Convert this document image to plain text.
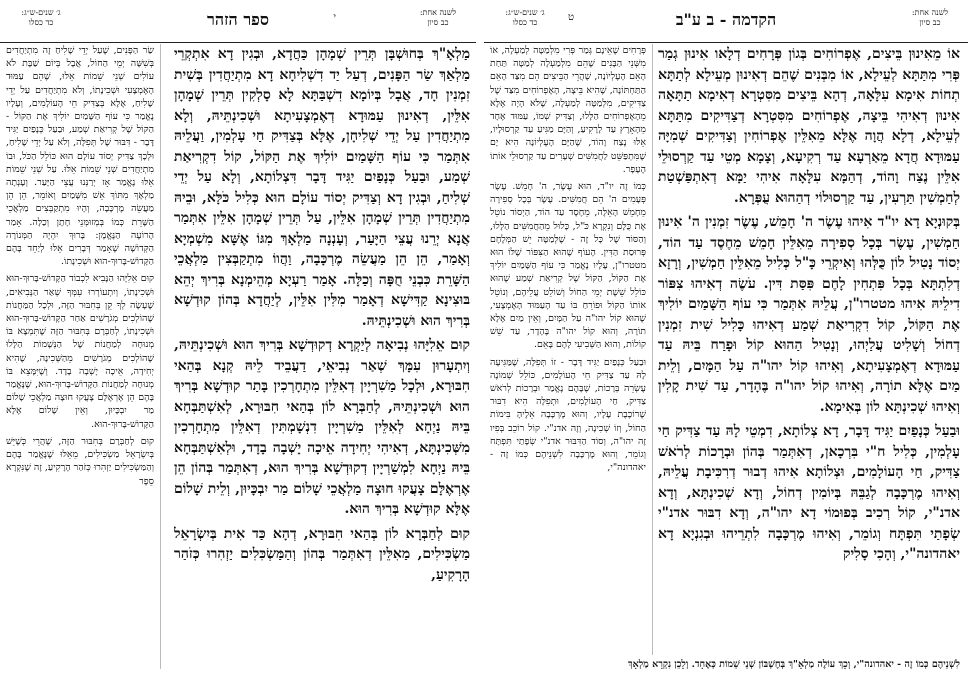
לשנה אחת:
כב סיון
י
ספר הזהר
ג׳ שנים-ש״ג:
כד כסלו

מַלְאָ"ךְ בְּחוּשְׁבָּן תְּרֵין שְׁמָהָן כַּחֲדָא, וּבְגִין דָא אִתְקְרֵי מַלְאַךְ שַׂר הַפָּנִים, דְעַל יַד דִשְׁלִיחָא דָא מִתְיַחֲדִין בְּשִׁית זִמְנִין חָד, אֲבָל בְּיוֹמָא דִשְׁבַּתָּא לָא סָלְקִין תְּרֵין שְׁמָהָן אִלֵּין, דְאִינוּן עַמּוּדָא דְאֶמְצָעִיתָא וּשְׁכִינְתֵּיהּ, וְלָא מִתְיַחֲדִין עַל יְדֵי שְׁלִיחָן, אֶלָּא בְּצַדִּיק חַי עָלְמִין, וַעֲלֵיהּ אִתְּמַר כִּי עוֹף הַשָּׁמַיִם יוֹלִיךְ אֶת הַקּוֹל, קוֹל דִקְרִיאַת שְׁמַע, וּבַעַל כְּנָפַיִם יַגִּיד דָּבָר דִּצְלוֹתָא, וְלָא עַל יְדֵי שְׁלִיחַ, וּבְגִין דָא וְצַדִּיק יְסוֹד עוֹלָם הוּא כְּלִיל כֹּלָּא, וּבֵיהּ מִתְיַחֲדִין תְּרֵין שְׁמָהָן אִלֵּין, עַל תְּרֵין שְׁמָהָן אִלֵּין אִתְּמַר אֲנָא יְרֵנוּ עֲצֵי הַיָּעַר, וְעָנְנָה מַלְאָךְ מִגּוֹ אֶשָּׁא מִשְׁמְיָא וְאָמַר, הֵן הֵן מַעֲשֵׂה מֶרְכָּבָה, וַהֲווֹ מִתְקַבְּצִין מַלְאֲכֵי הַשָּׁרֵת כִּבְנֵי חֻפָּה וְכַלָּה. אָמַר רַעְיָא מְהֵימְנָא בְּרִיךְ יְהֵא בּוּצִינָא קַדִּישָׁא דְאָמַר מִלִּין אִלֵּין, לְיַחֲדָא בְּהוֹן קוּדְשָׁא בְּרִיךְ הוּא וּשְׁכִינְתֵּיהּ.

קוּם אֵלִיָּהוּ נְבִיאָה לְיַקְרָא דְקוּדְשָׁא בְּרִיךְ הוּא וּשְׁכִינְתֵּיהּ, וְיִתְעָרוּן עִמָּךְ שְׁאַר נְבִיאֵי, דַעֲבֵיד לֵיהּ קְנָא בְּהַאי חִבּוּרָא, וּלְכָל מַשִׁרְיָין דְאִלֵּין מִתְחָרְכִין בָּתַר קוּדְשָׁא בְּרִיךְ הוּא וּשְׁכִינְתֵּיהּ, לְחַבְּרָא לוֹן בְּהַאי חִבּוּרָא, לְאִשְׁתַּבְּחָא בֵּיהּ נַיְחָא לְאִלֵּין מַשִׁרְיָין דִנְשָׁמְתִּין דְאִלֵּין מִתְחָרְכִין מִשְּׁכִינְתָּא, דְאִיהִי יְחִידָה אֵיכָה יָשְׁבָה בָדָד, וּלְאִשְׁתַּבְּחָא בֵּיהּ נַיְחָא לִמְשַׁרְיָין דְקוּדְשָׁא בְּרִיךְ הוּא, דְאִתְּמַר בְּהוֹן הֵן אֶרְאֶלָּם צָעֲקוּ חוּצָה מַלְאֲכֵי שָׁלוֹם מַר יִבְכָּיוּן, וְלֵית שָׁלוֹם אֶלָּא קוּדְשָׁא בְּרִיךְ הוּא.

קוּם לְחַבְּרָא לוֹן בְּהַאי חִבּוּרָא, דְהָא כַּד אִית בְּיִשְׂרָאֵל מַשְׂכִּילִים, מַאִלֵּין דְאִתְּמַר בְּהוֹן וְהַמַּשְׂכִּלִים יַזְהִרוּ כְּזֹהַר הָרָקִיעַ,

שַׂר הַפָּנִים, שֶׁעַל יְדֵי שָׁלִיחַ זֶה מִתְיַחֲדִים בְּשִׁשָּׁה יְמֵי הַחוֹל, אֲבָל בְּיוֹם שַׁבָּת לֹא עוֹלִים שְׁנֵי שֵׁמוֹת אֵלּוּ, שֶׁהֵם עַמּוּד הָאֶמְצָעִי וּשְׁכִינָתוֹ, וְלֹא מִתְיַחֲדִים עַל יְדֵי שָׁלִיחַ, אֶלָּא בְּצַדִּיק חֵי הָעוֹלָמִים, וְעָלָיו נֶאֱמַר כִּי עוֹף הַשָּׁמַיִם יוֹלִיךְ אֶת הַקּוֹל - הַקּוֹל שֶׁל קְרִיאַת שְׁמַע, וּבַעַל כְּנָפַיִם יַגִּיד דָּבָר - דִּבּוּר שֶׁל תְּפִלָּה, וְלֹא עַל יְדֵי שָׁלִיחַ, וּלְכָךְ צַדִּיק יְסוֹד עוֹלָם הוּא כּוֹלֵל הַכֹּל, וּבוֹ מִתְיַחֲדִים שְׁנֵי שֵׁמוֹת אֵלּוּ. עַל שְׁנֵי שֵׁמוֹת אֵלּוּ נֶאֱמַר אָז יְרַנְּנוּ עֲצֵי הַיָּעַר. וְעָנְתָה מַלְאָךְ מִתּוֹךְ אֵשׁ מִשָּׁמַיִם וְאוֹמֵר, הֵן הֵן מַעֲשֵׂה מֶרְכָּבָה, וְהָיוּ מִתְקַבְּצִים מַלְאֲכֵי הַשָּׁרֵת כְּמוֹ בְּמְזוּמְּנֵי חָתָן וְכַלָּה. אָמַר הָרוֹעֶה הַנֶּאֱמָן: בָּרוּךְ יִהְיֶה הַמְּנוֹרָה הַקְּדוֹשָׁה שֶׁאָמַר דְּבָרִים אֵלּוּ לְיַחֵד בָּהֶם הַקָּדוֹשׁ-בָּרוּךְ-הוּא וּשְׁכִינָתוֹ.

קוּם אֵלִיָּהוּ הַנָּבִיא לִכְבוֹד הַקָּדוֹשׁ-בָּרוּךְ-הוּא וּשְׁכִינָתוֹ, וְיִתְעוֹרְרוּ עִמְּךָ שְׁאַר הַנְּבִיאִים, שֶׁעָשָׂה לְךָ קֵן בְּחִבּוּר הַזֶּה, וּלְכָל הַמַּחֲנוֹת שֶׁהוֹלְכִים מְגֹרָשִׁים אַחַר הַקָּדוֹשׁ-בָּרוּךְ-הוּא וּשְׁכִינָתוֹ, לְחַבְּרָם בְּחִבּוּר הַזֶּה שֶׁתִּמְצָא בּוֹ מְנוּחָה לְמַחֲנוֹת שֶׁל הַנְּשָׁמוֹת הַלָּלוּ שֶׁהוֹלְכִים מְגֹרָשִׁים מֵהַשְּׁכִינָה, שֶׁהִיא יְחִידָה, אֵיכָה יָשְׁבָה בָדָד. וְשֶׁיִּמָּצֵא בּוֹ מְנוּחָה לְמַחֲנוֹת הַקָּדוֹשׁ-בָּרוּךְ-הוּא, שֶׁנֶּאֱמַר בָּהֶם הֵן אֶרְאֶלָּם צָעֲקוּ חוּצָה מַלְאֲכֵי שָׁלוֹם מַר יִבְכָּיוּן, וְאֵין שָׁלוֹם אֶלָּא הַקָּדוֹשׁ-בָּרוּךְ-הוּא.

קוּם לְחַבְּרָם בְּחִבּוּר הַזֶּה, שֶׁהֲרֵי כְּשֶׁיֵּשׁ בְּיִשְׂרָאֵל מַשְׂכִּילִים, מֵאֵלּוּ שֶׁנֶּאֱמַר בָּהֶם וְהַמַּשְׂכִּילִים יַזְהִרוּ כְּזֹהַר הָרָקִיעַ, זֶה שֶׁנִּקְרָא סֵפֶר

לשנה אחת:
כב סיון
הקדמה - ב ע"ב
ט
ג׳ שנים-ש״ג:
כד כסלו

אוֹ מֵאִינוּן בֵּיצִים, אֶפְרוֹחִים בְּגוֹן פְּרָחִים דְלָאו אִינוּן גְמַר פְּרִי מִתַּתָּא לְעֵילָא, אוֹ מִבְּנִים שֶׁהֵם דְאִינוּן מְעֵילָא לְתַתָּא תְחוֹת אִימָא עִלָּאָה, דְהָא בֵּיצִים מִסִּטְרָא דְאִימָא תַתָּאָה אִינוּן דְאִיהִי בֵּיצָה, אֶפְרוֹחִים מִסִּטְרָא דְצַדִּיקִים מִתַּתָּא לְעֵילָא, דְלָא הֲוָה אֶלָּא מֵאִלֵּין אֶפְרוֹחִין וְצַדִּיקִים שְׁמִיָּה עַמּוּדָא חֲדָא מֵאַרְעָא עַד רְקִיעָא, וְצָמָא מְטֵי עַד קַרְסוּלֵי אִלֵּין נֶצַח וָהוֹד, דְהַמָּא עִלָּאָה אִיהִי יַמָּא דְאִתְפַּשְׁטַת לְחַמְשִׁין תַּרְעִין, עַד קַרְסוּלוֹי דְהַהוּא עֻפְּרָא.

בְּקוּנְיָא דָא יו"ד אִיהוּ עֶשֶׂר ה' חָמֵשׁ, עֶשֶׂר זִמְנִין ה' אִינוּן חַמְשִׁין, עֶשֶׂר בְּכָל סְפִירָה מֵאִלֵּין חָמֵשׁ מֵחֶסֶד עַד הוֹד, יְסוֹד נָטִיל לוֹן כֻּלְּהוּ וְאִיקְרֵי כָּ"ל כְּלִיל מֵאִלֵּין חַמְשִׁין, וְרָזָא דְלִתְתָּא בְּכָל פִּתְחִין לָחֶם פִּסַּת דִּין. עֹשֶׂה דְאִיהוּ צִפּוֹר דִילֵיהּ אִיהוּ מטטרו"ן, עֲלֵיהּ אִתְּמַר כִּי עוֹף הַשָּׁמַיִם יוֹלִיךְ אֶת הַקּוֹל, קוֹל דִקְרִיאַת שְׁמַע דְאִיהוּ כָּלִיל שִׁית זִמְנִין דְחוֹל וְשָׁלִיט עֲלַיְהוּ, וְנָטִיל הַהוּא קוֹל וּפָרַח בֵּיהּ עַד עַמּוּדָא דְאֶמְצָעִיתָא, וְאִיהוּ קוֹל יהו"ה עַל הַמָּיִם, וְלֵית מַיִם אֶלָּא תוֹרָה, וְאִיהוּ קוֹל יהו"ה בֶּהָדָר, עַד שִׁית קָלִין וְאִיהוּ שְׁכִינְתָּא לוֹן בְּאִימָא.

וּבַעַל כְּנָפַיִם יַגִּיד דָּבָר, דָא צְלוֹתָא, דִמְטֵי לָהּ עַד צַדִּיק חַי עָלְמִין, כְּלִיל ח"י בִּרְכָאן, דְאִתְּמַר בְּהוֹן וּבְרָכוֹת לְרֹאשׁ צַדִּיק, חַי הָעוֹלָמִים, וּצְלוֹתָא אִיהוּ דְבוּר דְרִכִּיבָת עֲלֵיהּ, וְאִיהוּ מֶרְכָּבָה לְגַבֵּהּ בְּיוֹמִין דְחוֹל, וְדָא שְׁכִינְתָּא, וְדָא אדנ"י, קוֹל רְכִיב בְּפוּמוֹי דָא יהו"ה, וְדָא דִבּוּר אדנ"י שְׂפָתַי תִּפְתָּח וְגוֹמֵר, וְאִיהוּ מֶרְכָּבָה לִתְרֵיהוּ וּבְגִנְיָא דָא יאהדונה"י, וְהָכִי סָלִיק

פְּרָחִים שֶׁאֵינָם גְּמַר פְּרִי מִלְּמַטָּה לְמַעְלָה, אוֹ מִשְּׁנֵי הַבָּנִים שֶׁהֵם מִלְּמַעְלָה לְמַטָּה תַּחַת הָאֵם הָעֶלְיוֹנָה, שֶׁהֲרֵי הַבֵּיצִים הֵם מִצַּד הָאֵם הַתַּחְתּוֹנָה, שֶׁהִיא בֵּיצָה, הָאֶפְרוֹחִים מִצַּד שֶׁל צַדִּיקִים, מִלְּמַטָּה לְמַעְלָה, שֶׁלֹּא הָיָה אֶלָּא מֵהָאֶפְרוֹחִים הַלָּלוּ, וְצַדִּיק שְׁמוֹ, עַמּוּד אֶחָד מֵהָאָרֶץ עַד לָרָקִיעַ, וְהַיָּם מַגִּיעַ עַד קַרְסוּלָיו, אֵלּוּ נֶצַח וָהוֹד, שֶׁהַיָּם הָעֶלְיוֹנָה הִיא יָם שֶׁמִּתְפַּשֵּׁט לַחֲמִשִּׁים שְׁעָרִים עַד קַרְסוּלֵי אוֹתוֹ הֶעָפָר.

כְּמוֹ זֶה יו"ד, הוּא עֶשֶׂר, ה' חָמֵשׁ. עֶשֶׂר פְּעָמִים ה' הֵם חֲמִשִּׁים. עֶשֶׂר בְּכָל סְפִירָה מֵחָמֵשׁ הָאֵלֶּה, מֵחֶסֶד עַד הוֹד, הַיְסוֹד נוֹטֵל אֶת כֻּלָּם וְנִקְרָא כֹּ"ל, כָּלוּל מֵהַחֲמִשִּׁים הַלָּלוּ, וְהַסּוֹד שֶׁל כָּל זֶה - שֶׁלְּמַטָּה יֵשׁ הַמְּלֶחֶם פְּרוּסַת הַדִּין. הָעוֹף שֶׁהוּא הַצִּפּוֹר שֶׁלּוֹ הוּא מטטרו"ן, עָלָיו נֶאֱמַר כִּי עוֹף הַשָּׁמַיִם יוֹלִיךְ אֶת הַקּוֹל, הַקּוֹל שֶׁל קְרִיאַת שְׁמַע שֶׁהוּא כּוֹלֵל שֵׁשֶׁת יְמֵי הַחוֹל וְשׁוֹלֵט עֲלֵיהֶם, וְנוֹטֵל אוֹתוֹ הַקּוֹל וּפוֹרֵחַ בּוֹ עַד הָעַמּוּד הָאֶמְצָעִי, שֶׁהוּא קוֹל יהו"ה עַל הַמָּיִם, וְאֵין מַיִם אֶלָּא תוֹרָה, וְהוּא קוֹל יהו"ה בֶּהָדָר, עַד שֵׁשׁ קוֹלוֹת, וְהוּא הַשְּׁבִיעִי לָהֶם בָּאֵם.

וּבַעַל כְּנָפַיִם יַגִּיד דָּבָר - זוֹ תְּפִלָּה, שֶׁמַּגִּיעָה לָהּ עַד צַדִּיק חֵי הָעוֹלָמִים, כּוֹלֵל שְׁמוֹנֶה עֶשְׂרֵה בְּרָכוֹת, שֶׁבָּהֶם נֶאֱמַר וּבְרָכוֹת לְרֹאשׁ צַדִּיק, חַי הָעוֹלָמִים, וּתְפִלָּה הִיא דִבּוּר שֶׁרוֹכֶבֶת עָלָיו, וְהוּא מֶרְכָּבָה אֵלֶיהָ בִּימוֹת הַחוֹל, וְזוֹ שְׁכִינָה, וְזֶה אדנ"י. קוֹל רוֹכֵב בְּפִיו זֶה יהו"ה, וְסוֹד הַדִּבּוּר אדנ"י שְׂפָתַי תִּפְתָּח וְגוֹמֵר, וְהוּא מֶרְכָּבָה לִשְׁנֵיהֶם כְּמוֹ זֶה - יאהדונה"י,

לִשְׁנֵיהֶם כְּמוֹ זֶה - יאהדונה"י, וְכָךְ עוֹלֶה מַלְאָ"ךְ בְּחֶשְׁבּוֹן שְׁנֵי שֵׁמוֹת כְּאֶחָד. וְלָכֵן נִקְרָא מַלְאָךְ
